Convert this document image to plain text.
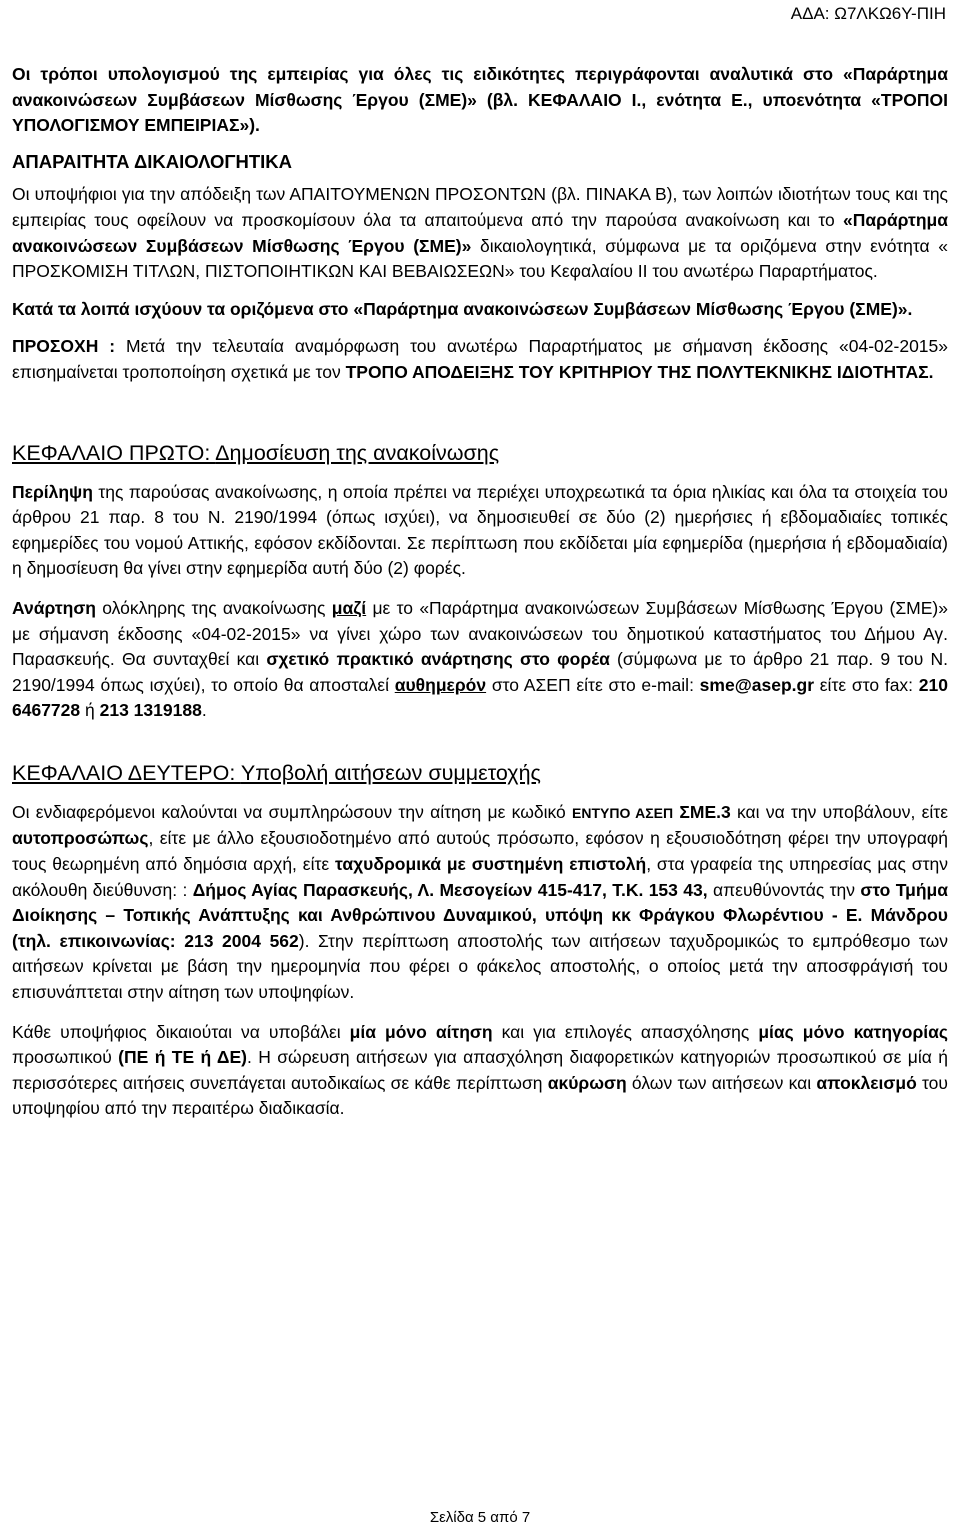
ΑΔΑ: Ω7ΛΚΩ6Υ-ΠΙΗ

Οι τρόποι υπολογισμού της εμπειρίας για όλες τις ειδικότητες περιγράφονται αναλυτικά στο «Παράρτημα ανακοινώσεων Συμβάσεων Μίσθωσης Έργου (ΣΜΕ)» (βλ. ΚΕΦΑΛΑΙΟ Ι., ενότητα Ε., υποενότητα «ΤΡΟΠΟΙ ΥΠΟΛΟΓΙΣΜΟΥ ΕΜΠΕΙΡΙΑΣ»).

ΑΠΑΡΑΙΤΗΤΑ ΔΙΚΑΙΟΛΟΓΗΤΙΚΑ

Οι υποψήφιοι για την απόδειξη των ΑΠΑΙΤΟΥΜΕΝΩΝ ΠΡΟΣΟΝΤΩΝ (βλ. ΠΙΝΑΚΑ Β), των λοιπών ιδιοτήτων τους και της εμπειρίας τους οφείλουν να προσκομίσουν όλα τα απαιτούμενα από την παρούσα ανακοίνωση και το «Παράρτημα ανακοινώσεων Συμβάσεων Μίσθωσης Έργου (ΣΜΕ)» δικαιολογητικά, σύμφωνα με τα οριζόμενα στην ενότητα « ΠΡΟΣΚΟΜΙΣΗ ΤΙΤΛΩΝ, ΠΙΣΤΟΠΟΙΗΤΙΚΩΝ ΚΑΙ ΒΕΒΑΙΩΣΕΩΝ» του Κεφαλαίου ΙΙ του ανωτέρω Παραρτήματος.

Κατά τα λοιπά ισχύουν τα οριζόμενα στο «Παράρτημα ανακοινώσεων Συμβάσεων Μίσθωσης Έργου (ΣΜΕ)».

ΠΡΟΣΟΧΗ : Μετά την τελευταία αναμόρφωση του ανωτέρω Παραρτήματος με σήμανση έκδοσης «04-02-2015» επισημαίνεται τροποποίηση σχετικά με τον ΤΡΟΠΟ ΑΠΟΔΕΙΞΗΣ ΤΟΥ ΚΡΙΤΗΡΙΟΥ ΤΗΣ ΠΟΛΥΤΕΚΝΙΚΗΣ ΙΔΙΟΤΗΤΑΣ.

ΚΕΦΑΛΑΙΟ ΠΡΩΤΟ: Δημοσίευση της ανακοίνωσης

Περίληψη της παρούσας ανακοίνωσης, η οποία πρέπει να περιέχει υποχρεωτικά τα όρια ηλικίας και όλα τα στοιχεία του άρθρου 21 παρ. 8 του Ν. 2190/1994 (όπως ισχύει), να δημοσιευθεί σε δύο (2) ημερήσιες ή εβδομαδιαίες τοπικές εφημερίδες του νομού Αττικής, εφόσον εκδίδονται. Σε περίπτωση που εκδίδεται μία εφημερίδα (ημερήσια ή εβδομαδιαία) η δημοσίευση θα γίνει στην εφημερίδα αυτή δύο (2) φορές.

Ανάρτηση ολόκληρης της ανακοίνωσης μαζί με το «Παράρτημα ανακοινώσεων Συμβάσεων Μίσθωσης Έργου (ΣΜΕ)» με σήμανση έκδοσης «04-02-2015» να γίνει χώρο των ανακοινώσεων του δημοτικού καταστήματος του Δήμου Αγ. Παρασκευής. Θα συνταχθεί και σχετικό πρακτικό ανάρτησης στο φορέα (σύμφωνα με το άρθρο 21 παρ. 9 του Ν. 2190/1994 όπως ισχύει), το οποίο θα αποσταλεί αυθημερόν στο ΑΣΕΠ είτε στο e-mail: sme@asep.gr είτε στο fax: 210 6467728 ή 213 1319188.

ΚΕΦΑΛΑΙΟ ΔΕΥΤΕΡΟ: Υποβολή αιτήσεων συμμετοχής

Οι ενδιαφερόμενοι καλούνται να συμπληρώσουν την αίτηση με κωδικό ΕΝΤΥΠΟ ΑΣΕΠ ΣΜΕ.3 και να την υποβάλουν, είτε αυτοπροσώπως, είτε με άλλο εξουσιοδοτημένο από αυτούς πρόσωπο, εφόσον η εξουσιοδότηση φέρει την υπογραφή τους θεωρημένη από δημόσια αρχή, είτε ταχυδρομικά με συστημένη επιστολή, στα γραφεία της υπηρεσίας μας στην ακόλουθη διεύθυνση: : Δήμος Αγίας Παρασκευής, Λ. Μεσογείων 415-417, Τ.Κ. 153 43, απευθύνοντάς την στο Τμήμα Διοίκησης – Τοπικής Ανάπτυξης και Ανθρώπινου Δυναμικού, υπόψη κκ Φράγκου Φλωρέντιου - Ε. Μάνδρου (τηλ. επικοινωνίας: 213 2004 562). Στην περίπτωση αποστολής των αιτήσεων ταχυδρομικώς το εμπρόθεσμο των αιτήσεων κρίνεται με βάση την ημερομηνία που φέρει ο φάκελος αποστολής, ο οποίος μετά την αποσφράγισή του επισυνάπτεται στην αίτηση των υποψηφίων.

Κάθε υποψήφιος δικαιούται να υποβάλει μία μόνο αίτηση και για επιλογές απασχόλησης μίας μόνο κατηγορίας προσωπικού (ΠΕ ή ΤΕ ή ΔΕ). Η σώρευση αιτήσεων για απασχόληση διαφορετικών κατηγοριών προσωπικού σε μία ή περισσότερες αιτήσεις συνεπάγεται αυτοδικαίως σε κάθε περίπτωση ακύρωση όλων των αιτήσεων και αποκλεισμό του υποψηφίου από την περαιτέρω διαδικασία.

Σελίδα 5 από 7
